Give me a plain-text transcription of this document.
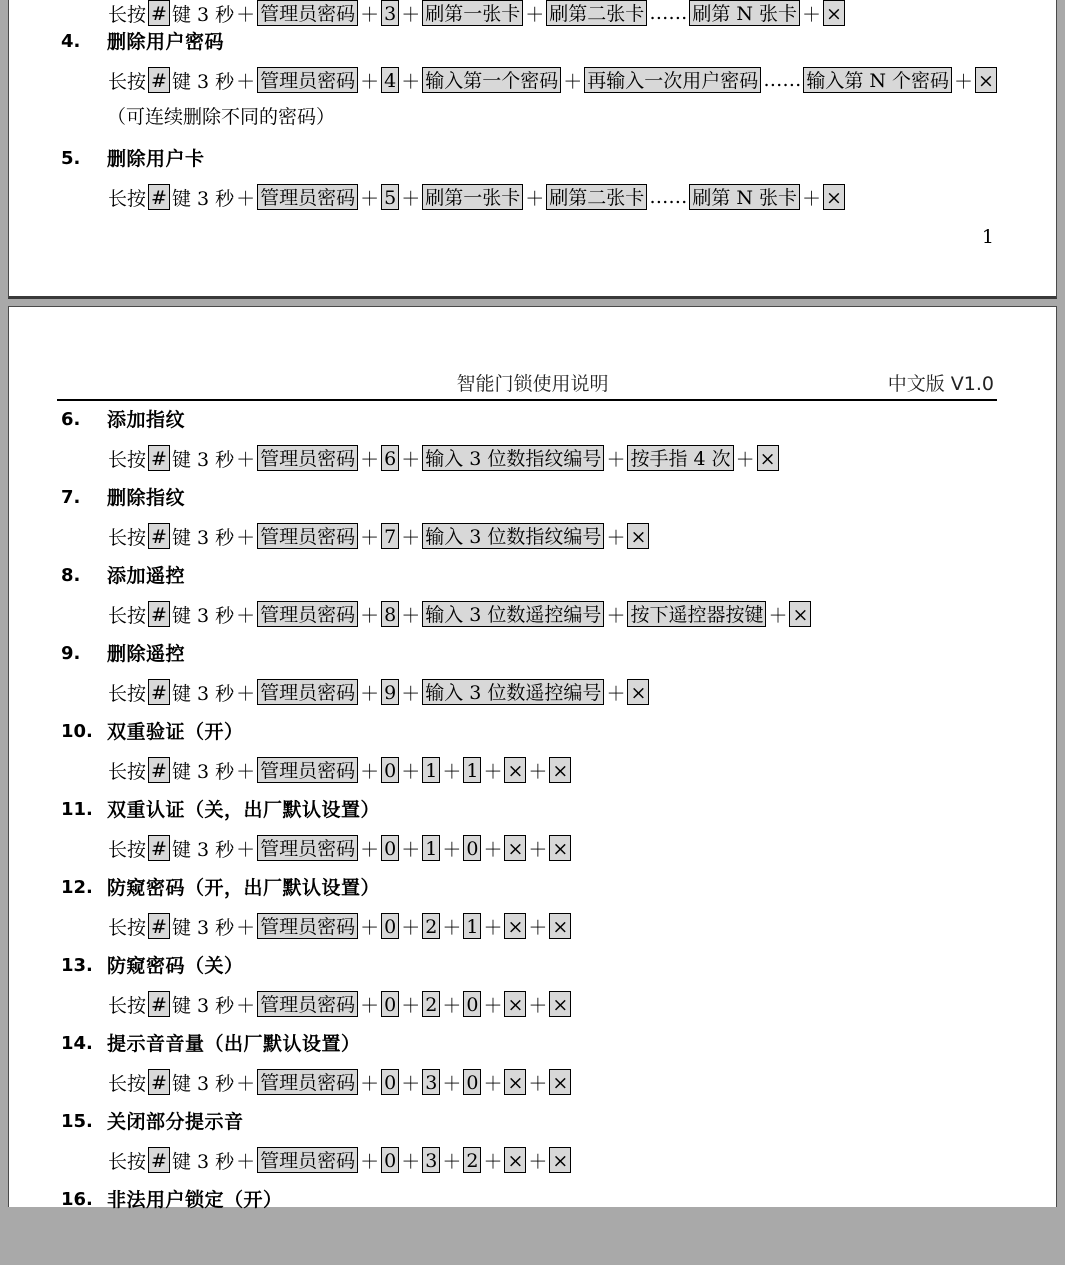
长按 # 键 3 秒 ＋ 管理员密码 ＋ 3 ＋ 刷第一张卡 ＋ 刷第二张卡 …… 刷第 N 张卡 ＋ ×
4. 删除用户密码
长按 # 键 3 秒 ＋ 管理员密码 ＋ 4 ＋ 输入第一个密码 ＋ 再输入一次用户密码 …… 输入第 N 个密码 ＋ ×
（可连续删除不同的密码）
5. 删除用户卡
长按 # 键 3 秒 ＋ 管理员密码 ＋ 5 ＋ 刷第一张卡 ＋ 刷第二张卡 …… 刷第 N 张卡 ＋ ×
1
智能门锁使用说明	中文版 V1.0
6. 添加指纹
长按 # 键 3 秒 ＋ 管理员密码 ＋ 6 ＋ 输入 3 位数指纹编号 ＋ 按手指 4 次 ＋ ×
7. 删除指纹
长按 # 键 3 秒 ＋ 管理员密码 ＋ 7 ＋ 输入 3 位数指纹编号 ＋ ×
8. 添加遥控
长按 # 键 3 秒 ＋ 管理员密码 ＋ 8 ＋ 输入 3 位数遥控编号 ＋ 按下遥控器按键 ＋ ×
9. 删除遥控
长按 # 键 3 秒 ＋ 管理员密码 ＋ 9 ＋ 输入 3 位数遥控编号 ＋ ×
10. 双重验证（开）
长按 # 键 3 秒 ＋ 管理员密码 ＋ 0 ＋ 1 ＋ 1 ＋ × ＋ ×
11. 双重认证（关，出厂默认设置）
长按 # 键 3 秒 ＋ 管理员密码 ＋ 0 ＋ 1 ＋ 0 ＋ × ＋ ×
12. 防窥密码（开，出厂默认设置）
长按 # 键 3 秒 ＋ 管理员密码 ＋ 0 ＋ 2 ＋ 1 ＋ × ＋ ×
13. 防窥密码（关）
长按 # 键 3 秒 ＋ 管理员密码 ＋ 0 ＋ 2 ＋ 0 ＋ × ＋ ×
14. 提示音音量（出厂默认设置）
长按 # 键 3 秒 ＋ 管理员密码 ＋ 0 ＋ 3 ＋ 0 ＋ × ＋ ×
15. 关闭部分提示音
长按 # 键 3 秒 ＋ 管理员密码 ＋ 0 ＋ 3 ＋ 2 ＋ × ＋ ×
16. 非法用户锁定（开）
